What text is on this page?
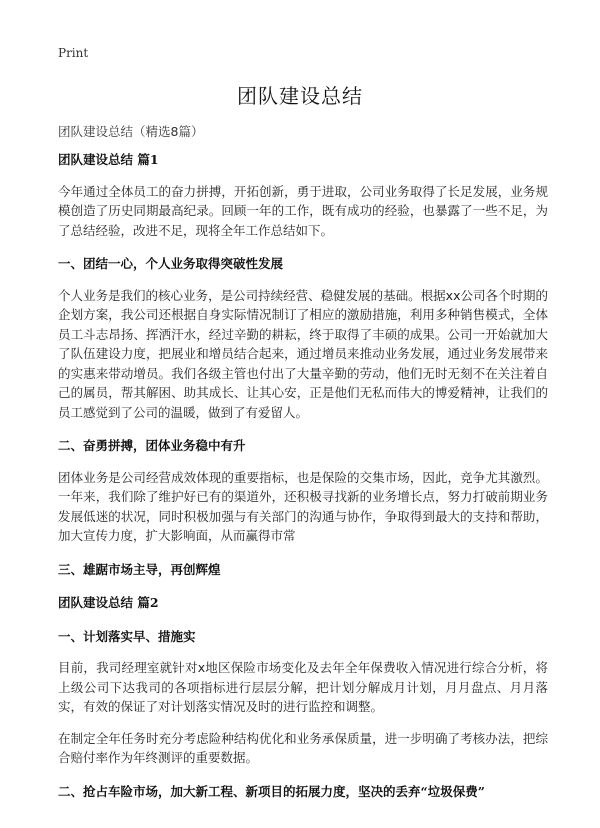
Print
团队建设总结
团队建设总结（精选8篇）
团队建设总结 篇1

今年通过全体员工的奋力拼搏，开拓创新，勇于进取，公司业务取得了长足发展，业务规模创造了历史同期最高纪录。回顾一年的工作，既有成功的经验，也暴露了一些不足，为了总结经验，改进不足，现将全年工作总结如下。

一、团结一心，个人业务取得突破性发展

个人业务是我们的核心业务，是公司持续经营、稳健发展的基础。根据xx公司各个时期的企划方案，我公司还根据自身实际情况制订了相应的激励措施，利用多种销售模式，全体员工斗志昂扬、挥洒汗水，经过辛勤的耕耘，终于取得了丰硕的成果。公司一开始就加大了队伍建设力度，把展业和增员结合起来，通过增员来推动业务发展，通过业务发展带来的实惠来带动增员。我们各级主管也付出了大量辛勤的劳动，他们无时无刻不在关注着自己的属员，帮其解困、助其成长、让其心安，正是他们无私而伟大的博爱精神，让我们的员工感觉到了公司的温暖，做到了有爱留人。

二、奋勇拼搏，团体业务稳中有升

团体业务是公司经营成效体现的重要指标，也是保险的交集市场，因此，竞争尤其激烈。一年来，我们除了维护好已有的渠道外，还积极寻找新的业务增长点，努力打破前期业务发展低迷的状况，同时积极加强与有关部门的沟通与协作，争取得到最大的支持和帮助，加大宣传力度，扩大影响面，从而赢得市常

三、雄踞市场主导，再创辉煌
团队建设总结 篇2
一、计划落实早、措施实

目前，我司经理室就针对x地区保险市场变化及去年全年保费收入情况进行综合分析，将上级公司下达我司的各项指标进行层层分解，把计划分解成月计划，月月盘点、月月落实，有效的保证了对计划落实情况及时的进行监控和调整。

在制定全年任务时充分考虑险种结构优化和业务承保质量，进一步明确了考核办法，把综合赔付率作为年终测评的重要数据。

二、抢占车险市场，加大新工程、新项目的拓展力度，坚决的丢弃“垃圾保费”
